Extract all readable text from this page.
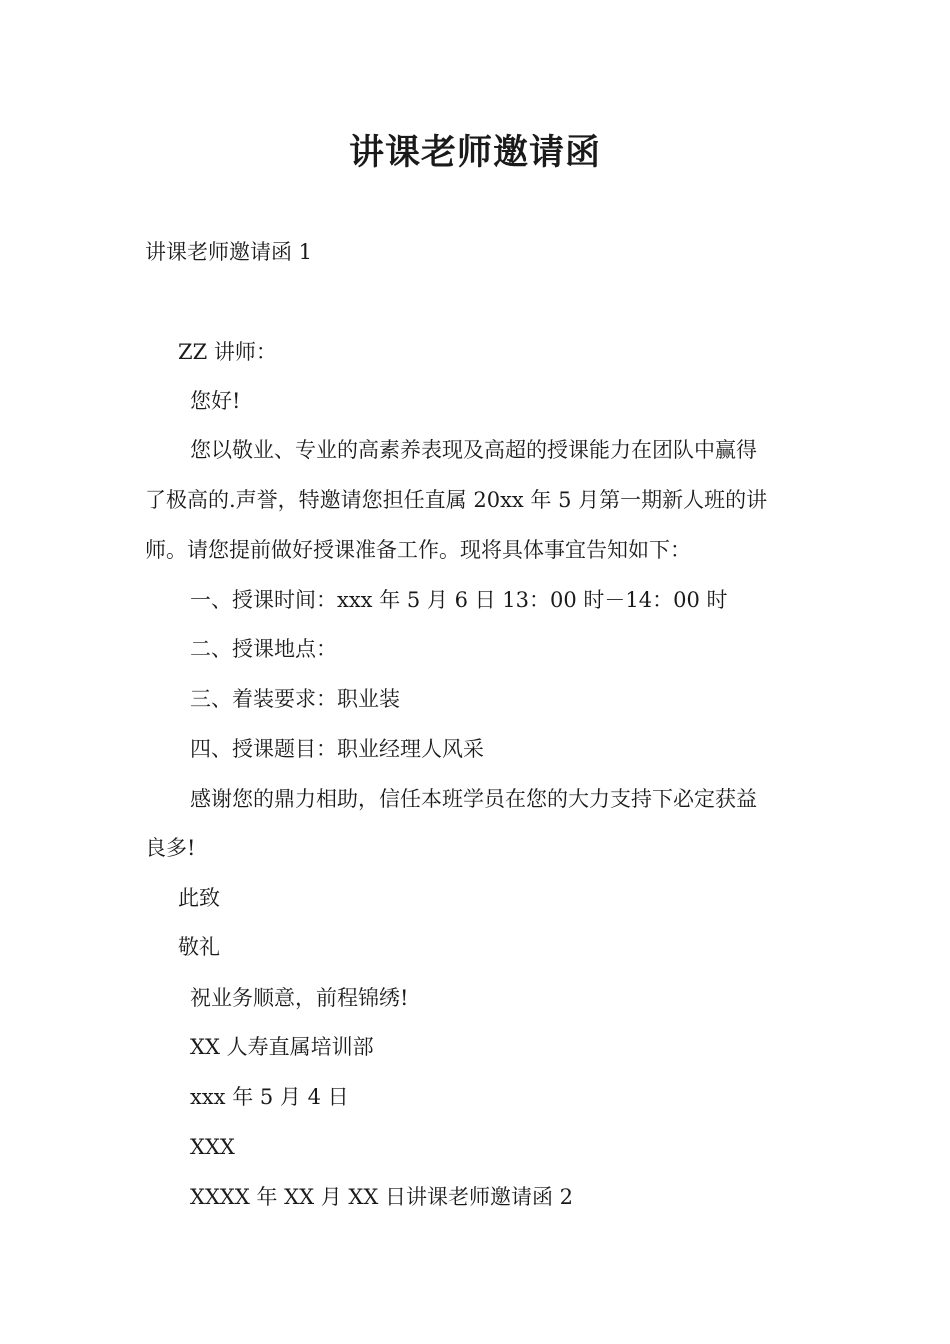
讲课老师邀请函
讲课老师邀请函 1
ZZ 讲师：
您好!
您以敬业、专业的高素养表现及高超的授课能力在团队中赢得
了极高的.声誉，特邀请您担任直属 20xx 年 5 月第一期新人班的讲
师。请您提前做好授课准备工作。现将具体事宜告知如下：
一、授课时间：xxx 年 5 月 6 日 13：00 时－14：00 时
二、授课地点：
三、着装要求：职业装
四、授课题目：职业经理人风采
感谢您的鼎力相助，信任本班学员在您的大力支持下必定获益
良多!
此致
敬礼
祝业务顺意，前程锦绣!
XX 人寿直属培训部
xxx 年 5 月 4 日
XXX
XXXX 年 XX 月 XX 日讲课老师邀请函 2
